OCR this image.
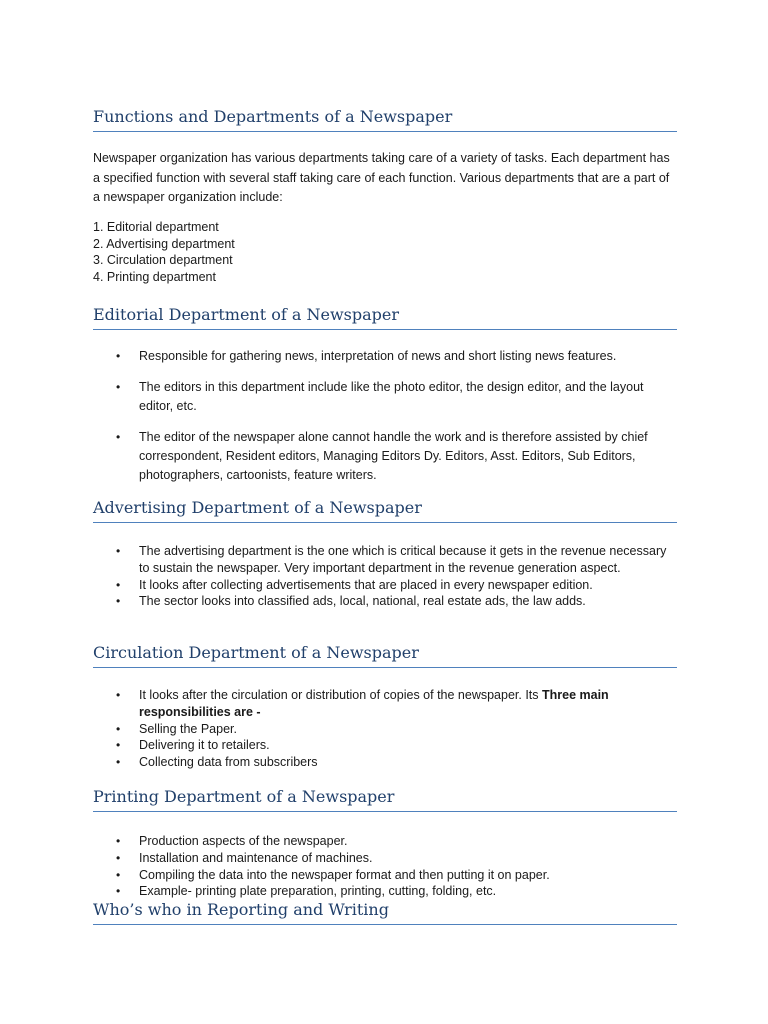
Functions and Departments of a Newspaper
Newspaper organization has various departments taking care of a variety of tasks. Each department has a specified function with several staff taking care of each function. Various departments that are a part of a newspaper organization include:
1. Editorial department
2. Advertising department
3. Circulation department
4. Printing department
Editorial Department of a Newspaper
• Responsible for gathering news, interpretation of news and short listing news features.
• The editors in this department include like the photo editor, the design editor, and the layout editor, etc.
• The editor of the newspaper alone cannot handle the work and is therefore assisted by chief correspondent, Resident editors, Managing Editors Dy. Editors, Asst. Editors, Sub Editors, photographers, cartoonists, feature writers.
Advertising Department of a Newspaper
• The advertising department is the one which is critical because it gets in the revenue necessary to sustain the newspaper. Very important department in the revenue generation aspect.
• It looks after collecting advertisements that are placed in every newspaper edition.
• The sector looks into classified ads, local, national, real estate ads, the law adds.
Circulation Department of a Newspaper
• It looks after the circulation or distribution of copies of the newspaper. Its Three main responsibilities are -
• Selling the Paper.
• Delivering it to retailers.
• Collecting data from subscribers
Printing Department of a Newspaper
• Production aspects of the newspaper.
• Installation and maintenance of machines.
• Compiling the data into the newspaper format and then putting it on paper.
• Example- printing plate preparation, printing, cutting, folding, etc.
Who’s who in Reporting and Writing
